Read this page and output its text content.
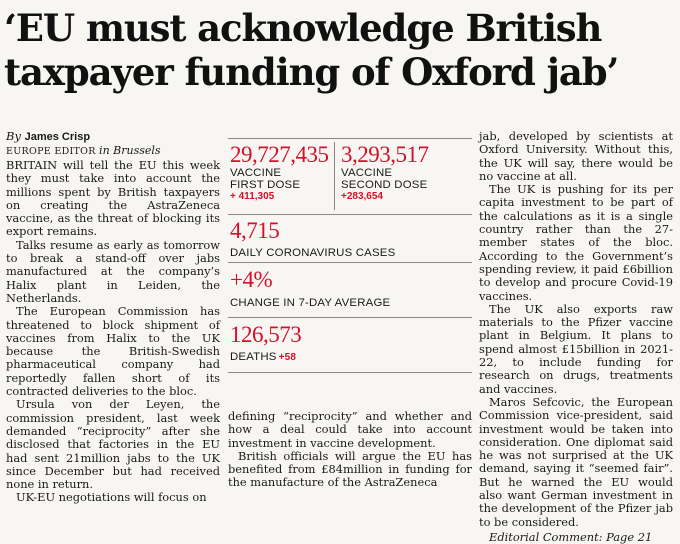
‘EU must acknowledge British
taxpayer funding of Oxford jab’
By James Crisp
EUROPE EDITOR in Brussels

BRITAIN will tell the EU this week they must take into account the millions spent by British taxpayers on creating the AstraZeneca vaccine, as the threat of blocking its export remains.

Talks resume as early as tomorrow to break a stand-off over jabs manufactured at the company’s Halix plant in Leiden, the Netherlands.

The European Commission has threatened to block shipment of vaccines from Halix to the UK because the British-Swedish pharmaceutical company had reportedly fallen short of its contracted deliveries to the bloc.

Ursula von der Leyen, the commission president, last week demanded “reciprocity” after she disclosed that factories in the EU had sent 21million jabs to the UK since December but had received none in return.

UK-EU negotiations will focus on

29,727,435
VACCINE
FIRST DOSE
+ 411,305
3,293,517
VACCINE
SECOND DOSE
+283,654
4,715
DAILY CORONAVIRUS CASES
+4%
CHANGE IN 7-DAY AVERAGE
126,573
DEATHS +58

defining “reciprocity” and whether and how a deal could take into account investment in vaccine development.

British officials will argue the EU has benefited from £84million in funding for the manufacture of the AstraZeneca

jab, developed by scientists at Oxford University. Without this, the UK will say, there would be no vaccine at all.

The UK is pushing for its per capita investment to be part of the calculations as it is a single country rather than the 27-member states of the bloc. According to the Government’s spending review, it paid £6billion to develop and procure Covid-19 vaccines.

The UK also exports raw materials to the Pfizer vaccine plant in Belgium. It plans to spend almost £15billion in 2021-22, to include funding for research on drugs, treatments and vaccines.

Maros Sefcovic, the European Commission vice-president, said investment would be taken into consideration. One diplomat said he was not surprised at the UK demand, saying it “seemed fair”. But he warned the EU would also want German investment in the development of the Pfizer jab to be considered.

Editorial Comment: Page 21
